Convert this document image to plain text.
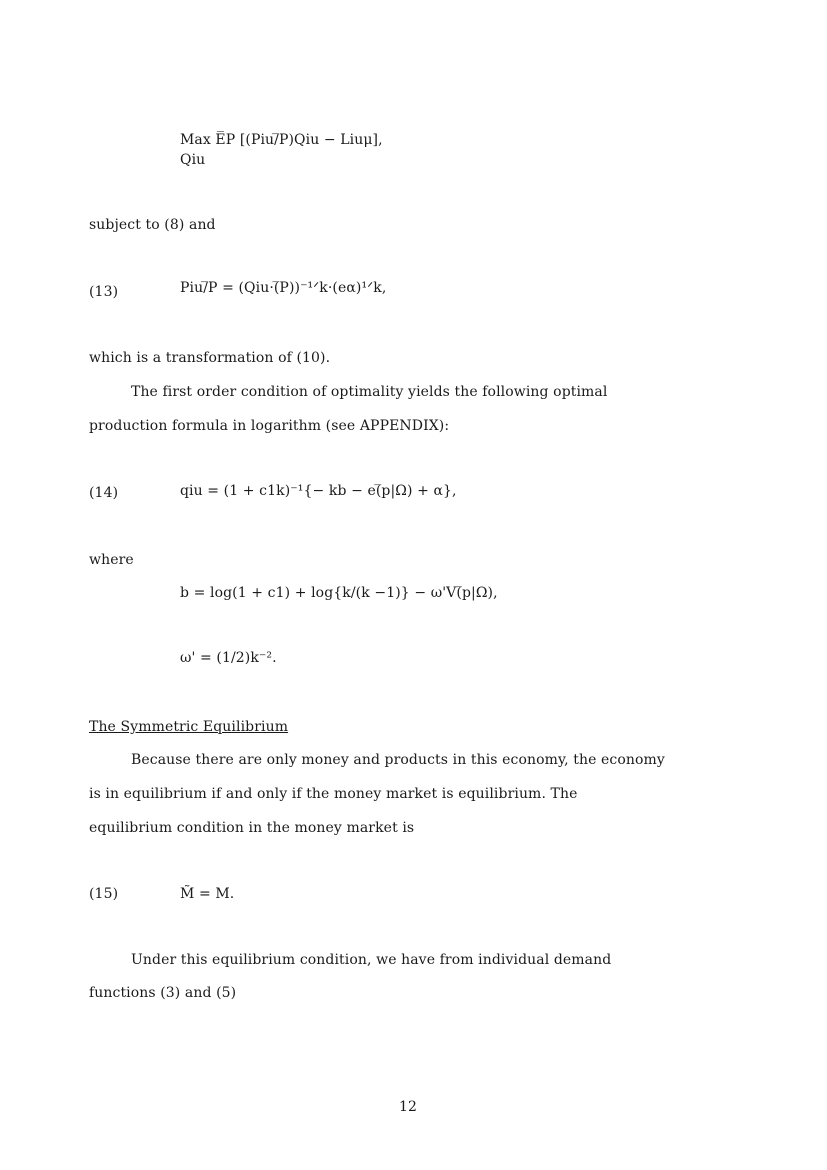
Max E̅P [(Piu/̅P)Qiu − Liuμ],
Qiu
subject to (8) and
(13)	Piu/̅P = (Qiu·(̅P))⁻¹ᐟk·(eα)¹ᐟk,
which is a transformation of (10).
The first order condition of optimality yields the following optimal
production formula in logarithm (see APPENDIX):
(14)	qiu = (1 + c1k)⁻¹{− kb − e(̅p|Ω) + α},
where
b = log(1 + c1) + log{k/(k −1)} − ω'V(̅p|Ω),
ω' = (1/2)k⁻².
The Symmetric Equilibrium
Because there are only money and products in this economy, the economy
is in equilibrium if and only if the money market is equilibrium. The
equilibrium condition in the money market is
(15)	M̃ = M.
Under this equilibrium condition, we have from individual demand
functions (3) and (5)
12
